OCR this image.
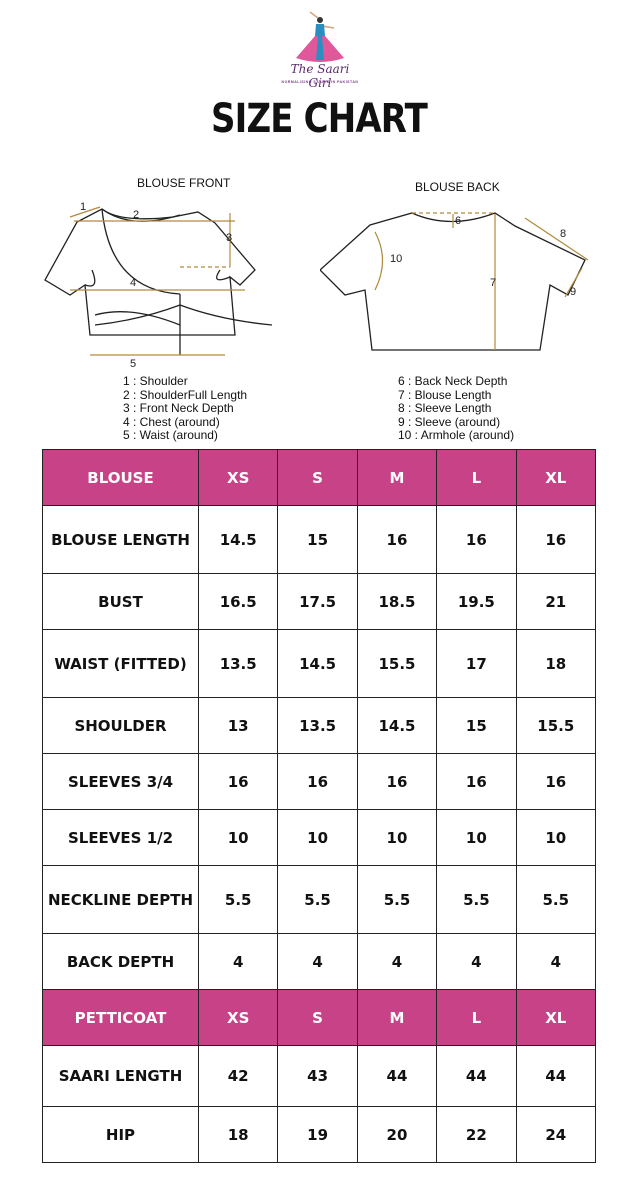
The Saari Girl
NORMALISING SAARIS IN PAKISTAN
SIZE CHART
BLOUSE FRONT	BLOUSE BACK
1
2
3
4
5
6
7
8
9
10
1 : Shoulder
2 : ShoulderFull Length
3 : Front Neck Depth
4 : Chest (around)
5 : Waist (around)
6 : Back Neck Depth
7 : Blouse Length
8 : Sleeve Length
9 : Sleeve (around)
10 : Armhole (around)
BLOUSE	XS	S	M	L	XL
BLOUSE LENGTH	14.5	15	16	16	16
BUST	16.5	17.5	18.5	19.5	21
WAIST (FITTED)	13.5	14.5	15.5	17	18
SHOULDER	13	13.5	14.5	15	15.5
SLEEVES 3/4	16	16	16	16	16
SLEEVES 1/2	10	10	10	10	10
NECKLINE DEPTH	5.5	5.5	5.5	5.5	5.5
BACK DEPTH	4	4	4	4	4
PETTICOAT	XS	S	M	L	XL
SAARI LENGTH	42	43	44	44	44
HIP	18	19	20	22	24
